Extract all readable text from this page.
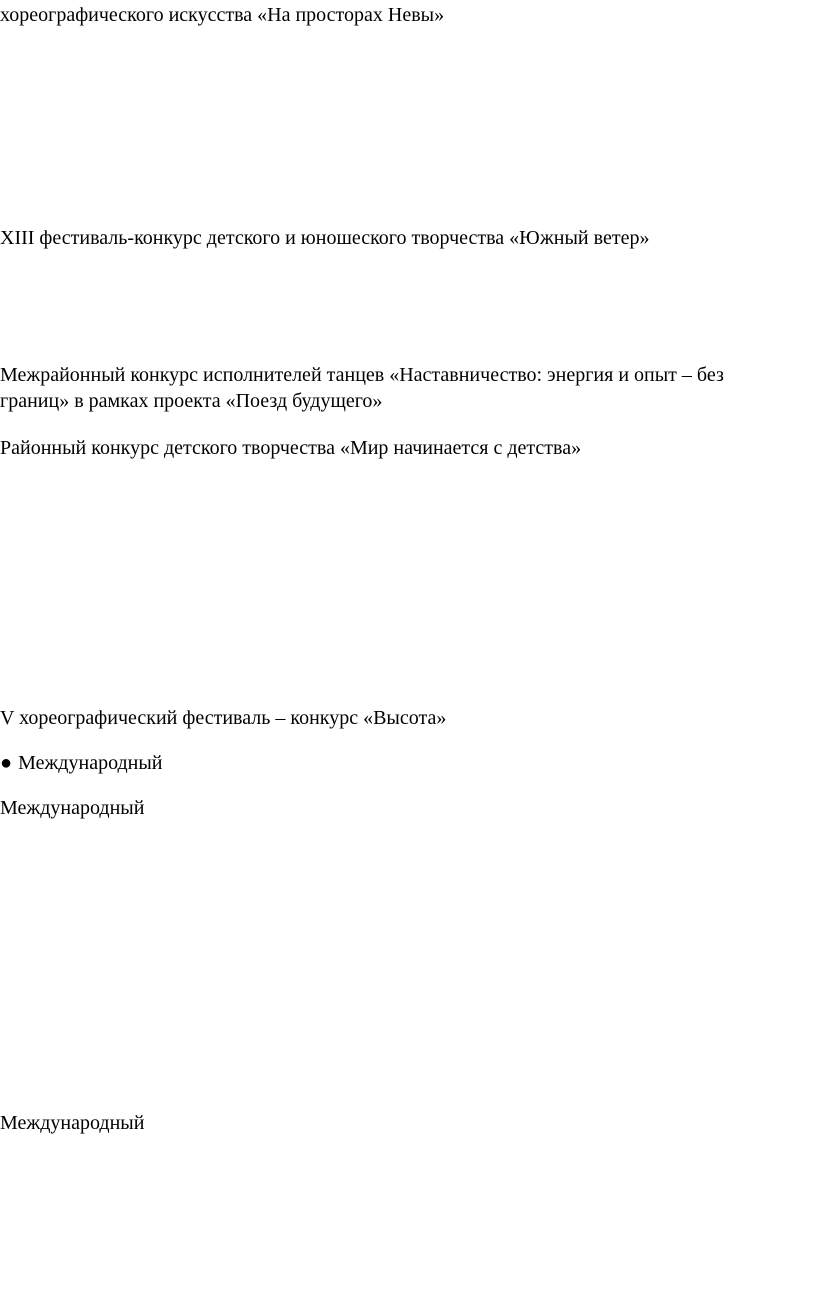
хореографического искусства «На просторах Невы»

XIII фестиваль-конкурс детского и юношеского творчества «Южный ветер»

Межрайонный конкурс исполнителей танцев «Наставничество: энергия и опыт – без границ» в рамках проекта «Поезд будущего»

Районный конкурс детского творчества «Мир начинается с детства»

V хореографический фестиваль – конкурс «Высота»

● Международный

Международный

Международный
